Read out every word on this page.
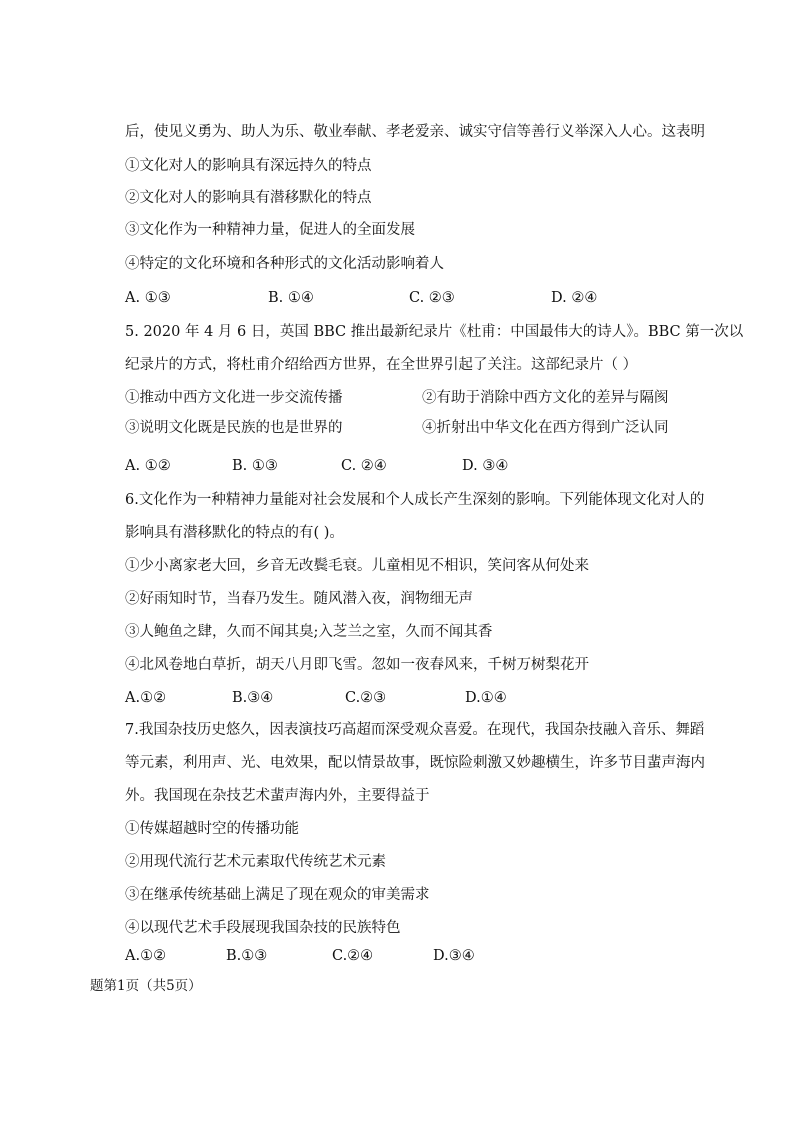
后，使见义勇为、助人为乐、敬业奉献、孝老爱亲、诚实守信等善行义举深入人心。这表明
①文化对人的影响具有深远持久的特点
②文化对人的影响具有潜移默化的特点
③文化作为一种精神力量，促进人的全面发展
④特定的文化环境和各种形式的文化活动影响着人
A. ①③	B. ①④	C. ②③	D. ②④
5. 2020 年 4 月 6 日，英国 BBC 推出最新纪录片《杜甫：中国最伟大的诗人》。BBC 第一次以
纪录片的方式，将杜甫介绍给西方世界，在全世界引起了关注。这部纪录片（ ）
①推动中西方文化进一步交流传播	②有助于消除中西方文化的差异与隔阂
③说明文化既是民族的也是世界的	④折射出中华文化在西方得到广泛认同
A. ①②	B. ①③	C. ②④	D. ③④
6.文化作为一种精神力量能对社会发展和个人成长产生深刻的影响。下列能体现文化对人的
影响具有潜移默化的特点的有( )。
①少小离家老大回，乡音无改鬓毛衰。儿童相见不相识，笑问客从何处来
②好雨知时节，当春乃发生。随风潜入夜，润物细无声
③人鲍鱼之肆，久而不闻其臭;入芝兰之室，久而不闻其香
④北风卷地白草折，胡天八月即飞雪。忽如一夜春风来，千树万树梨花开
A.①②	B.③④	C.②③	D.①④
7.我国杂技历史悠久，因表演技巧高超而深受观众喜爱。在现代，我国杂技融入音乐、舞蹈
等元素，利用声、光、电效果，配以情景故事，既惊险刺激又妙趣横生，许多节目蜚声海内
外。我国现在杂技艺术蜚声海内外，主要得益于
①传媒超越时空的传播功能
②用现代流行艺术元素取代传统艺术元素
③在继承传统基础上满足了现在观众的审美需求
④以现代艺术手段展现我国杂技的民族特色
A.①②	B.①③	C.②④	D.③④
题第1页（共5页）
